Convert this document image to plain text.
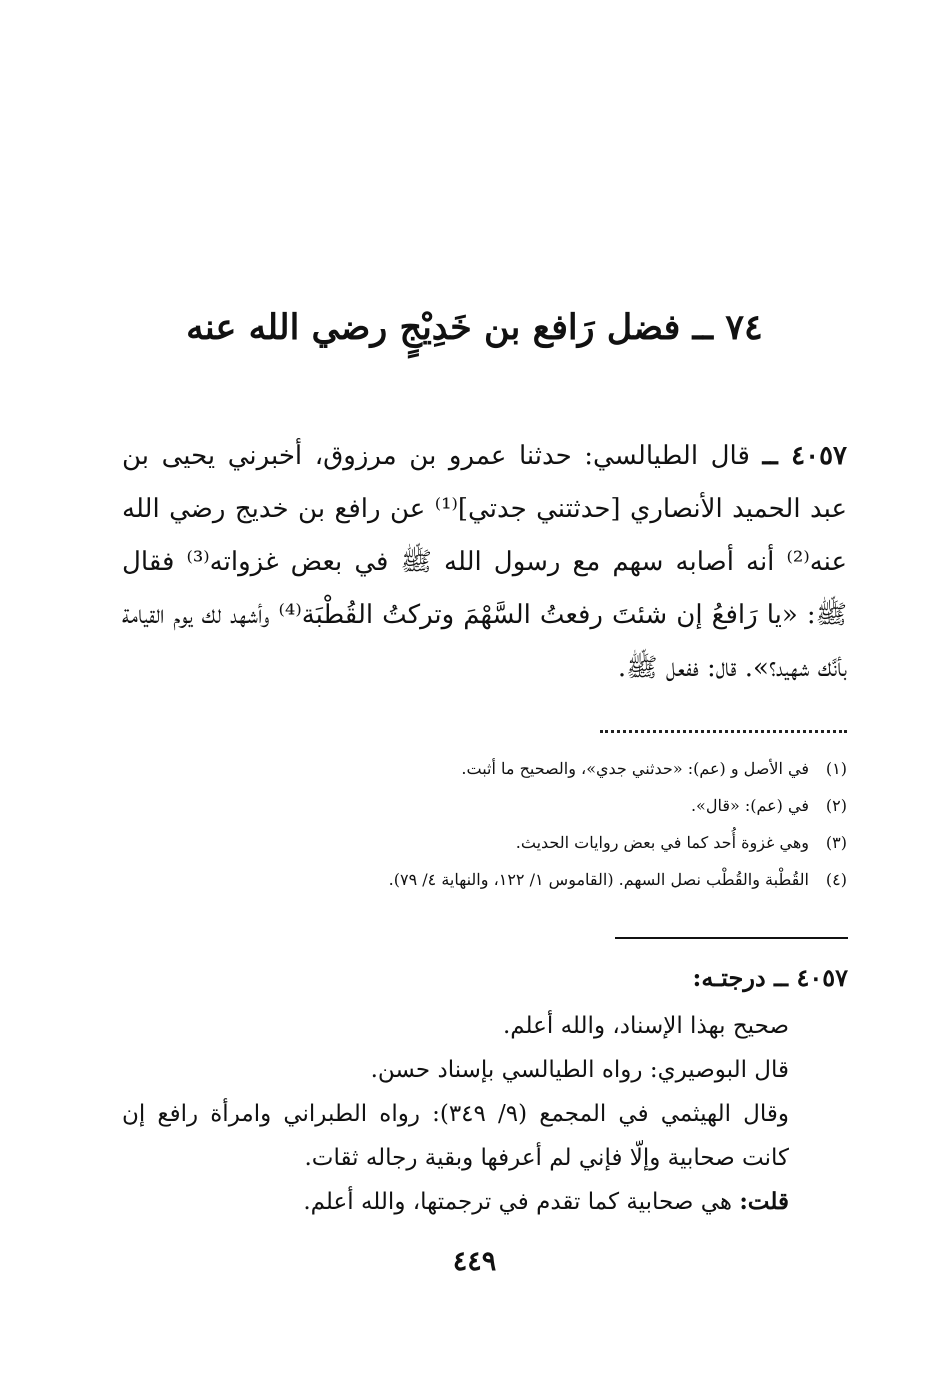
٧٤ ــ فضل رَافع بن خَدِيْجٍ رضي الله عنه
٤٠٥٧ ــ قال الطيالسي: حدثنا عمرو بن مرزوق، أخبرني يحيى بن عبد الحميد الأنصاري [حدثتني جدتي]⁽¹⁾ عن رافع بن خديج رضي الله عنه⁽²⁾ أنه أصابه سهم مع رسول الله ﷺ في بعض غزواته⁽³⁾ فقال ﷺ: «يا رَافعُ إن شئتَ رفعتُ السَّهْمَ وتركتُ القُطْبَة⁽⁴⁾ وأشهد لك يوم القيامة بأنَّك شهيد؟». قال: ففعل ﷺ.
(١)في الأصل و (عم): «حدثني جدي»، والصحيح ما أثبت.
(٢)في (عم): «قال».
(٣)وهي غزوة أُحد كما في بعض روايات الحديث.
(٤)القُطْبة والقُطْب نصل السهم. (القاموس ١/ ١٢٢، والنهاية ٤/ ٧٩).
٤٠٥٧ ــ درجتـه:

صحيح بهذا الإسناد، والله أعلم.

قال البوصيري: رواه الطيالسي بإسناد حسن.

وقال الهيثمي في المجمع (٩/ ٣٤٩): رواه الطبراني وامرأة رافع إن كانت صحابية وإلّا فإني لم أعرفها وبقية رجاله ثقات.

قلت: هي صحابية كما تقدم في ترجمتها، والله أعلم.

٤٤٩
